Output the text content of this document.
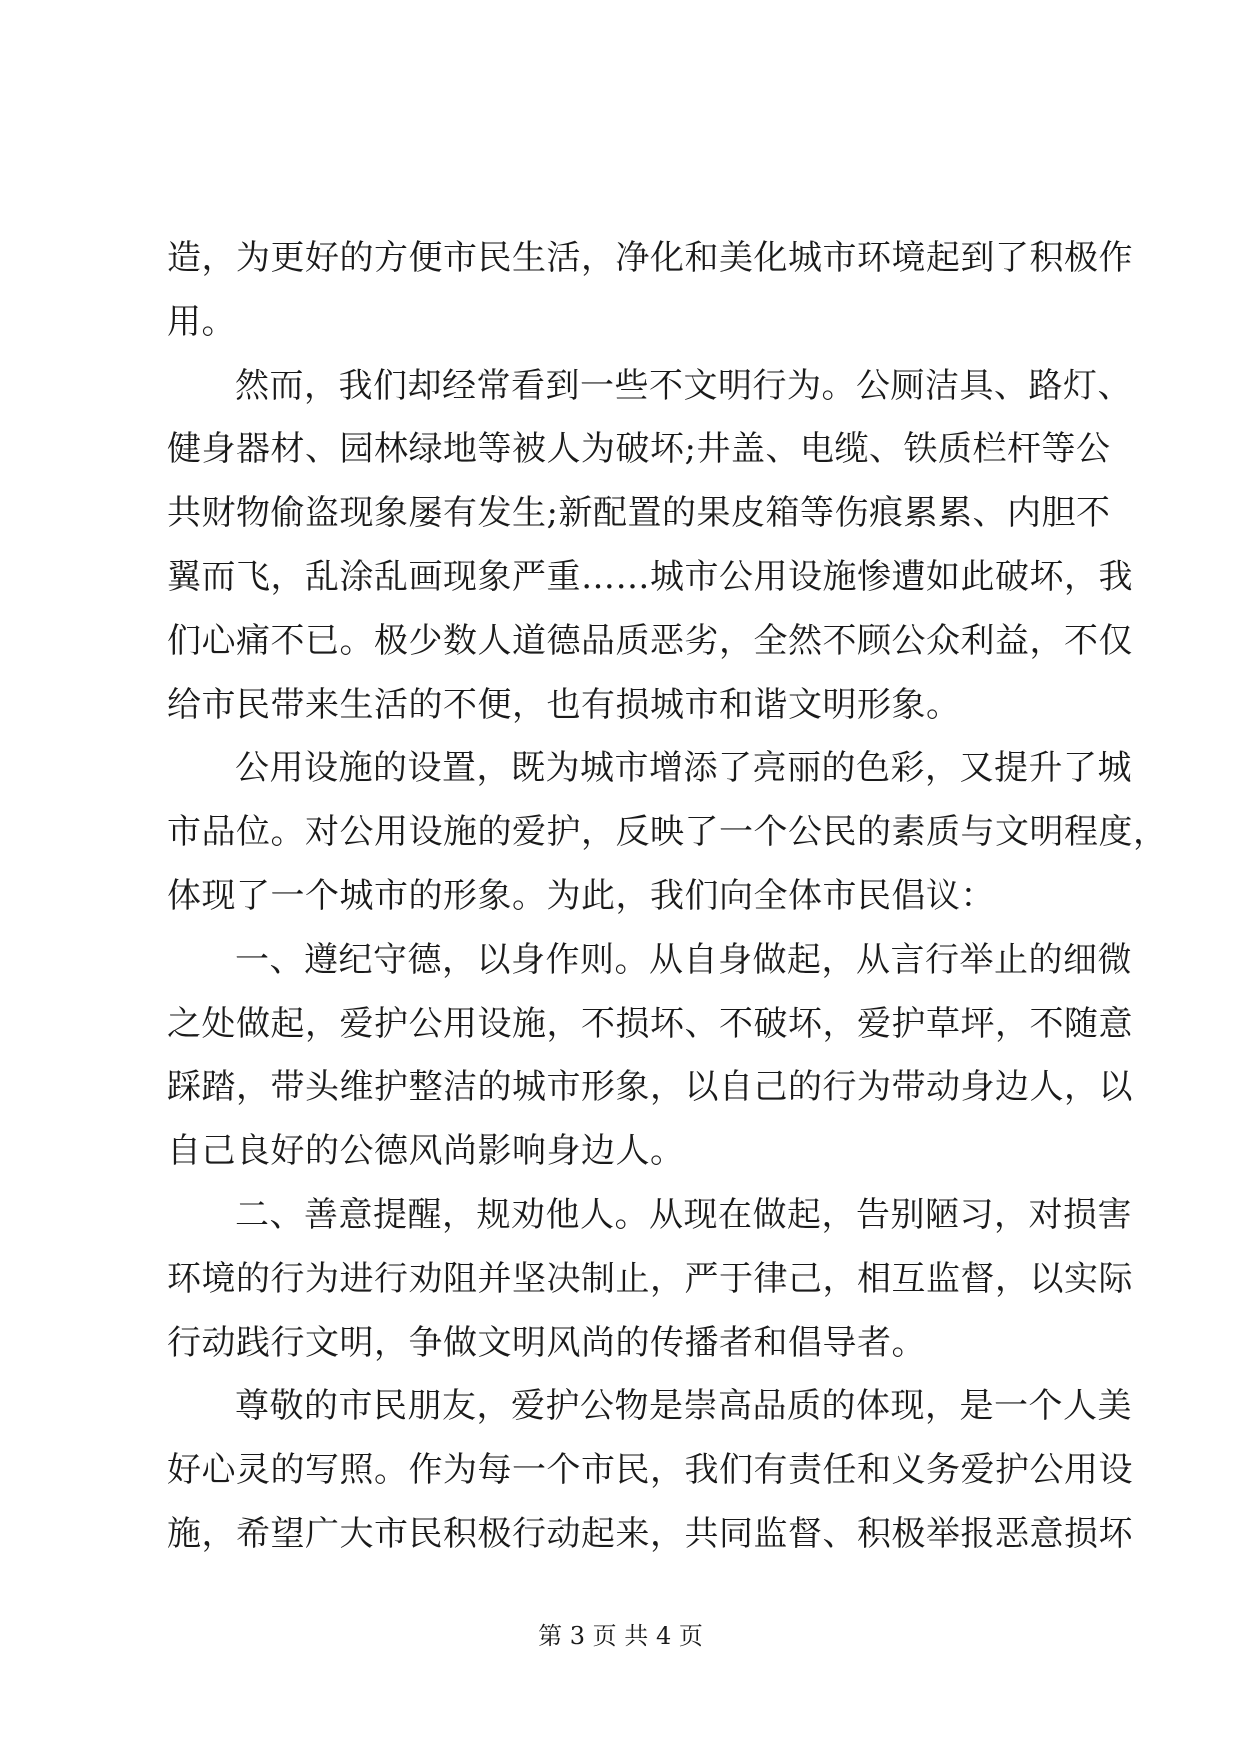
造，为更好的方便市民生活，净化和美化城市环境起到了积极作
用。

然而，我们却经常看到一些不文明行为。公厕洁具、路灯、
健身器材、园林绿地等被人为破坏;井盖、电缆、铁质栏杆等公
共财物偷盗现象屡有发生;新配置的果皮箱等伤痕累累、内胆不
翼而飞，乱涂乱画现象严重……城市公用设施惨遭如此破坏，我
们心痛不已。极少数人道德品质恶劣，全然不顾公众利益，不仅
给市民带来生活的不便，也有损城市和谐文明形象。

公用设施的设置，既为城市增添了亮丽的色彩，又提升了城
市品位。对公用设施的爱护，反映了一个公民的素质与文明程度，
体现了一个城市的形象。为此，我们向全体市民倡议：

一、遵纪守德，以身作则。从自身做起，从言行举止的细微
之处做起，爱护公用设施，不损坏、不破坏，爱护草坪，不随意
踩踏，带头维护整洁的城市形象，以自己的行为带动身边人，以
自己良好的公德风尚影响身边人。

二、善意提醒，规劝他人。从现在做起，告别陋习，对损害
环境的行为进行劝阻并坚决制止，严于律己，相互监督，以实际
行动践行文明，争做文明风尚的传播者和倡导者。

尊敬的市民朋友，爱护公物是崇高品质的体现，是一个人美
好心灵的写照。作为每一个市民，我们有责任和义务爱护公用设
施，希望广大市民积极行动起来，共同监督、积极举报恶意损坏

第 3 页 共 4 页
